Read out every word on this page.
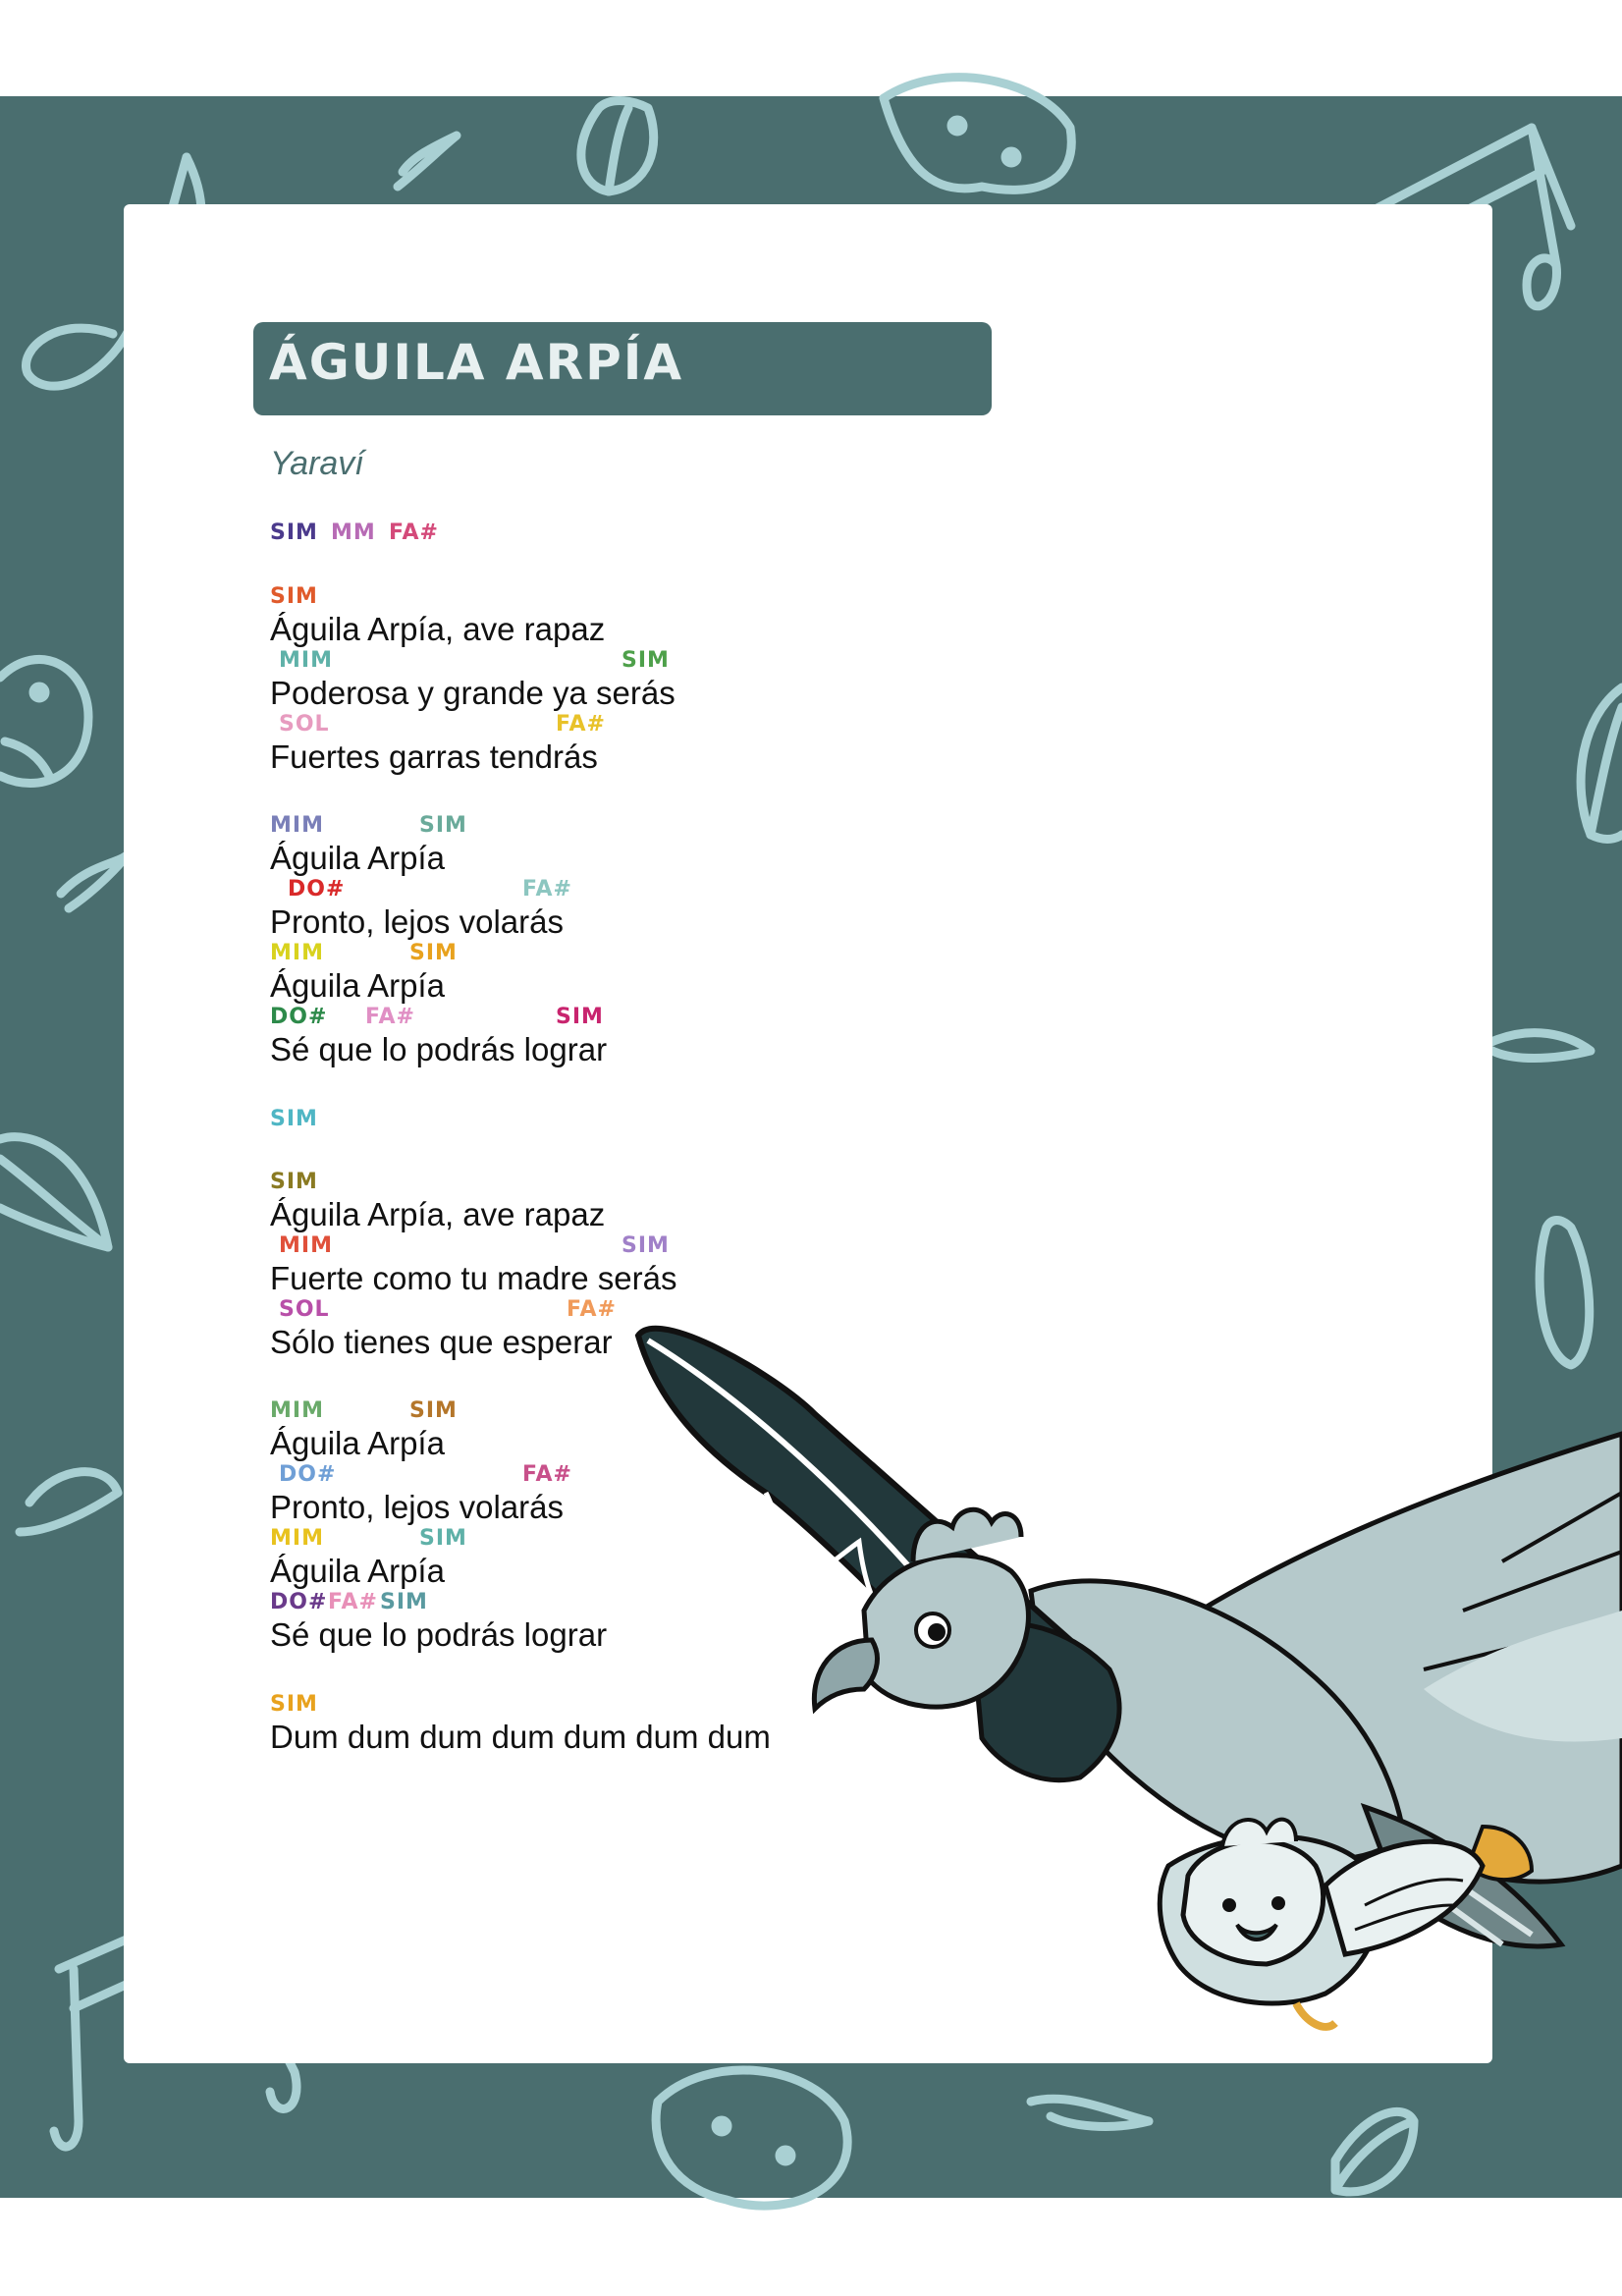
ÁGUILA ARPÍA
Yaraví
SIM MM FA#
SIM
Águila Arpía, ave rapaz
MIM	SIM
Poderosa y grande ya serás
SOL	FA#
Fuertes garras tendrás
MIM	SIM
Águila Arpía
DO#	FA#
Pronto, lejos volarás
MIM	SIM
Águila Arpía
DO# FA#	SIM
Sé que lo podrás lograr
SIM
SIM
Águila Arpía, ave rapaz
MIM	SIM
Fuerte como tu madre serás
SOL	FA#
Sólo tienes que esperar
MIM	SIM
Águila Arpía
DO#	FA#
Pronto, lejos volarás
MIM	SIM
Águila Arpía
DO# FA# SIM
Sé que lo podrás lograr
SIM
Dum dum dum dum dum dum dum
